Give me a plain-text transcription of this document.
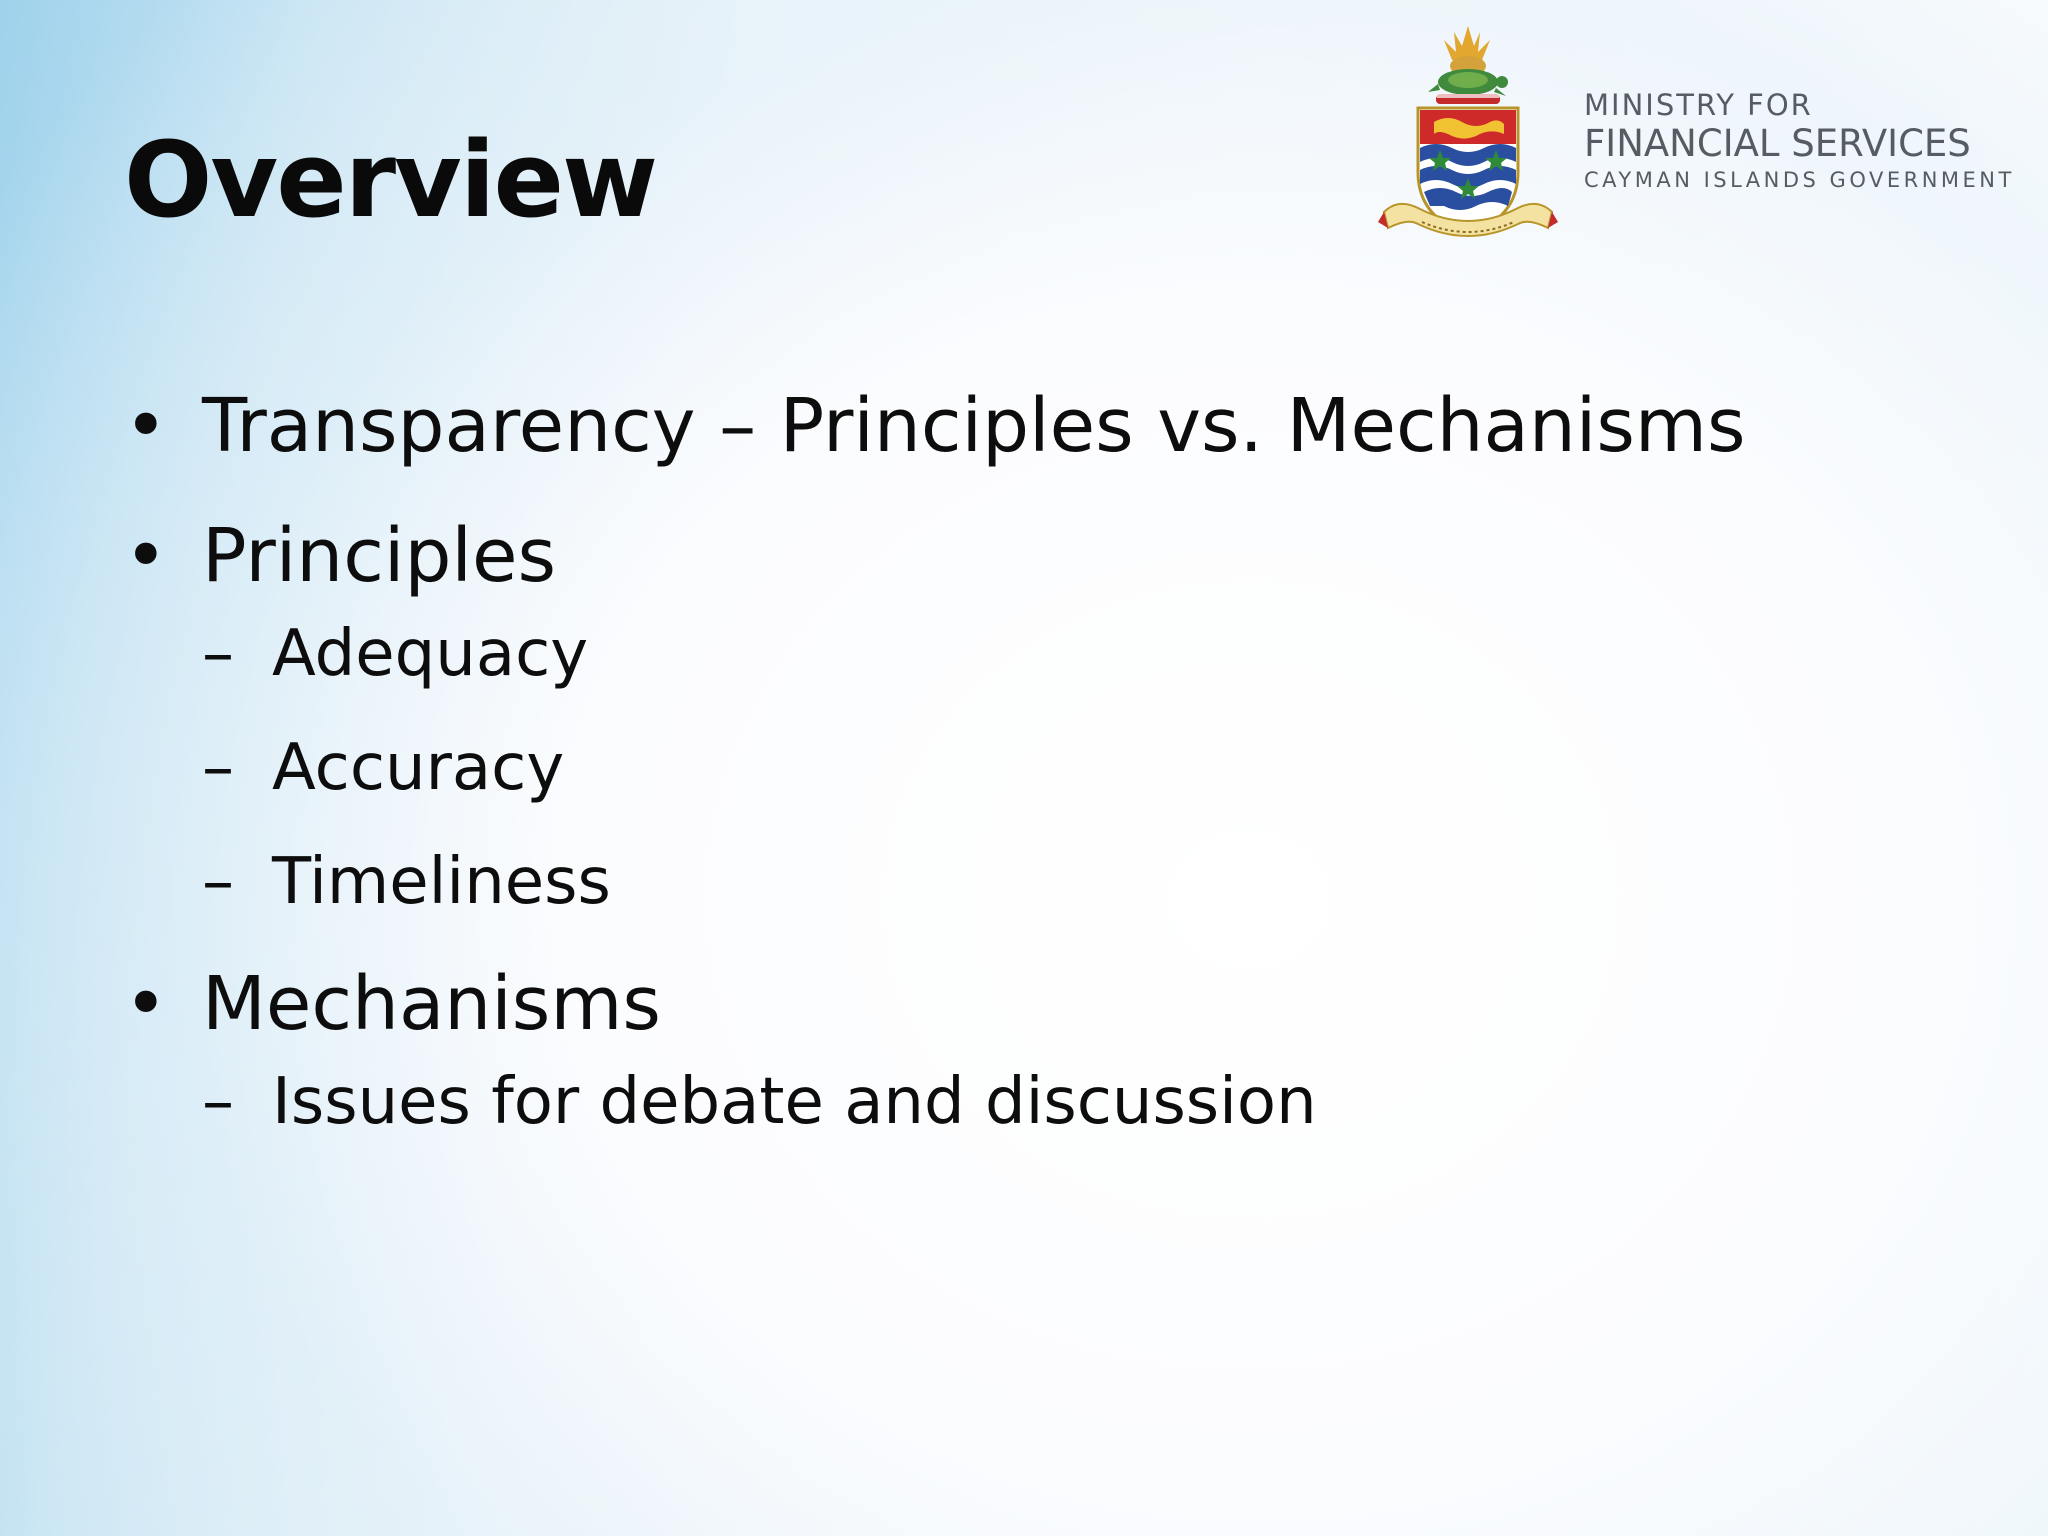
Overview
MINISTRY FOR
FINANCIAL SERVICES
CAYMAN ISLANDS GOVERNMENT
• Transparency – Principles vs. Mechanisms
• Principles
– Adequacy
– Accuracy
– Timeliness
• Mechanisms
– Issues for debate and discussion
